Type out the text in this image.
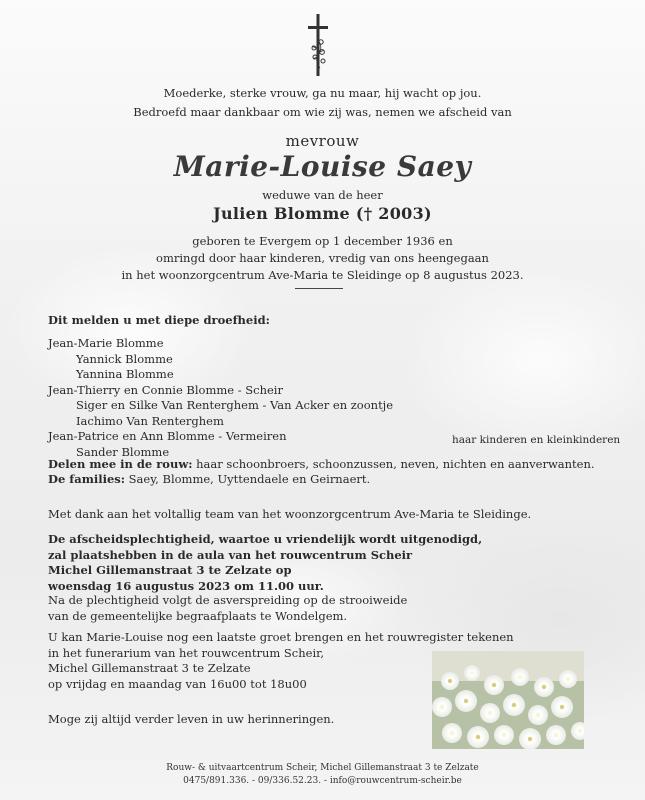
Moederke, sterke vrouw, ga nu maar, hij wacht op jou.
Bedroefd maar dankbaar om wie zij was, nemen we afscheid van
mevrouw
Marie-Louise Saey
weduwe van de heer
Julien Blomme († 2003)
geboren te Evergem op 1 december 1936 en
omringd door haar kinderen, vredig van ons heengegaan
in het woonzorgcentrum Ave-Maria te Sleidinge op 8 augustus 2023.
Dit melden u met diepe droefheid:
Jean-Marie Blomme
Yannick Blomme
Yannina Blomme
Jean-Thierry en Connie Blomme - Scheir
Siger en Silke Van Renterghem - Van Acker en zoontje
Iachimo Van Renterghem
Jean-Patrice en Ann Blomme - Vermeiren
Sander Blomme
haar kinderen en kleinkinderen
Delen mee in de rouw: haar schoonbroers, schoonzussen, neven, nichten en aanverwanten.
De families: Saey, Blomme, Uyttendaele en Geirnaert.
Met dank aan het voltallig team van het woonzorgcentrum Ave-Maria te Sleidinge.
De afscheidsplechtigheid, waartoe u vriendelijk wordt uitgenodigd,
zal plaatshebben in de aula van het rouwcentrum Scheir
Michel Gillemanstraat 3 te Zelzate op
woensdag 16 augustus 2023 om 11.00 uur.
Na de plechtigheid volgt de asverspreiding op de strooiweide
van de gemeentelijke begraafplaats te Wondelgem.
U kan Marie-Louise nog een laatste groet brengen en het rouwregister tekenen
in het funerarium van het rouwcentrum Scheir,
Michel Gillemanstraat 3 te Zelzate
op vrijdag en maandag van 16u00 tot 18u00
Moge zij altijd verder leven in uw herinneringen.
Rouw- & uitvaartcentrum Scheir, Michel Gillemanstraat 3 te Zelzate
0475/891.336. - 09/336.52.23. - info@rouwcentrum-scheir.be
